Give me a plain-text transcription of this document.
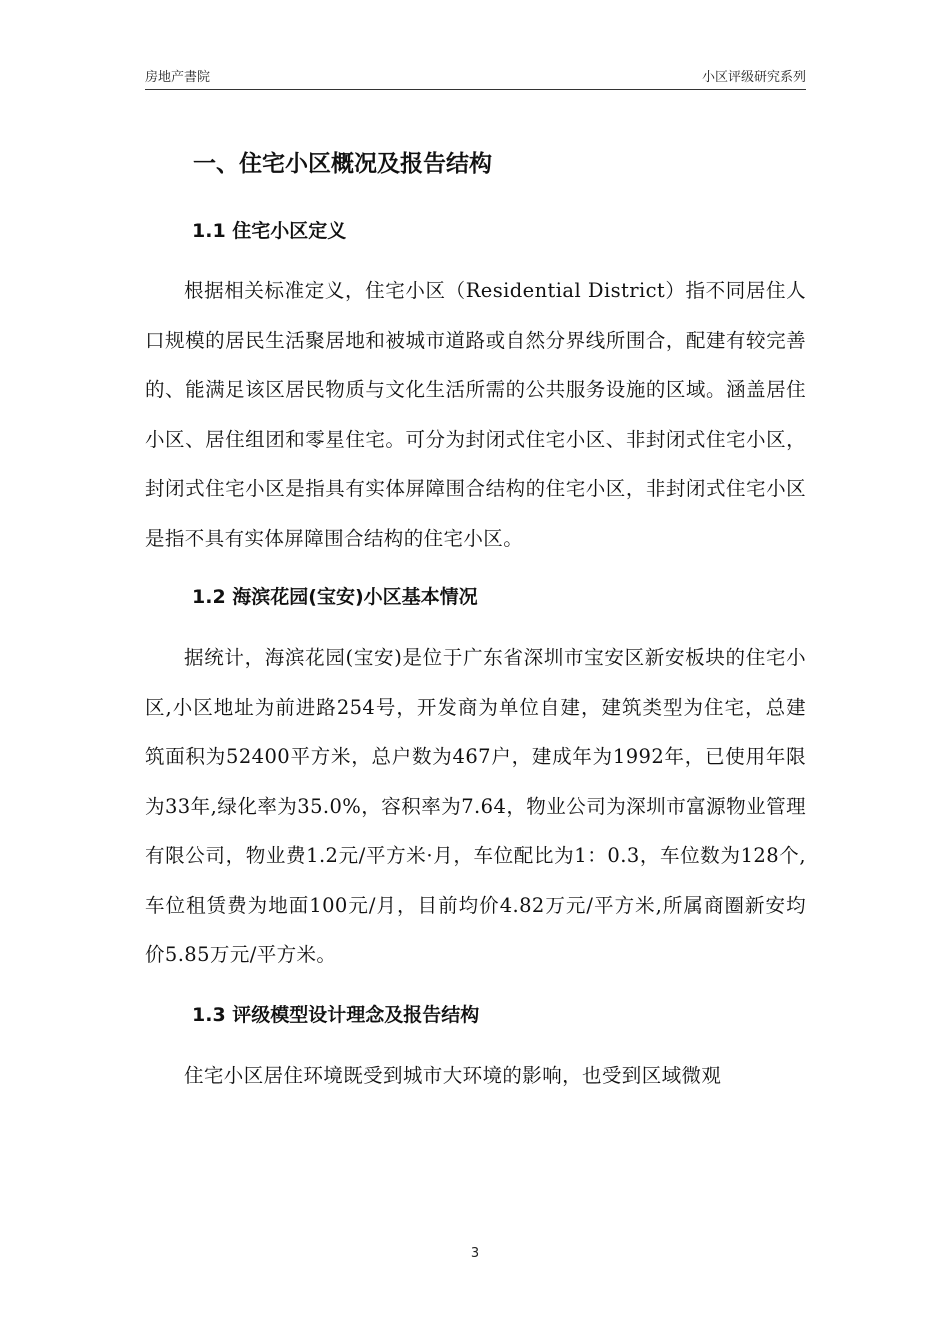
房地产書院	小区评级研究系列
一、住宅小区概况及报告结构
1.1 住宅小区定义

根据相关标准定义，住宅小区（Residential District）指不同居住人口规模的居民生活聚居地和被城市道路或自然分界线所围合，配建有较完善的、能满足该区居民物质与文化生活所需的公共服务设施的区域。涵盖居住小区、居住组团和零星住宅。可分为封闭式住宅小区、非封闭式住宅小区，封闭式住宅小区是指具有实体屏障围合结构的住宅小区，非封闭式住宅小区是指不具有实体屏障围合结构的住宅小区。

1.2 海滨花园(宝安)小区基本情况

据统计，海滨花园(宝安)是位于广东省深圳市宝安区新安板块的住宅小区,小区地址为前进路254号，开发商为单位自建，建筑类型为住宅，总建筑面积为52400平方米，总户数为467户，建成年为1992年，已使用年限为33年,绿化率为35.0%，容积率为7.64，物业公司为深圳市富源物业管理有限公司，物业费1.2元/平方米·月，车位配比为1：0.3，车位数为128个,车位租赁费为地面100元/月，目前均价4.82万元/平方米,所属商圈新安均价5.85万元/平方米。

1.3 评级模型设计理念及报告结构

住宅小区居住环境既受到城市大环境的影响，也受到区域微观

3
